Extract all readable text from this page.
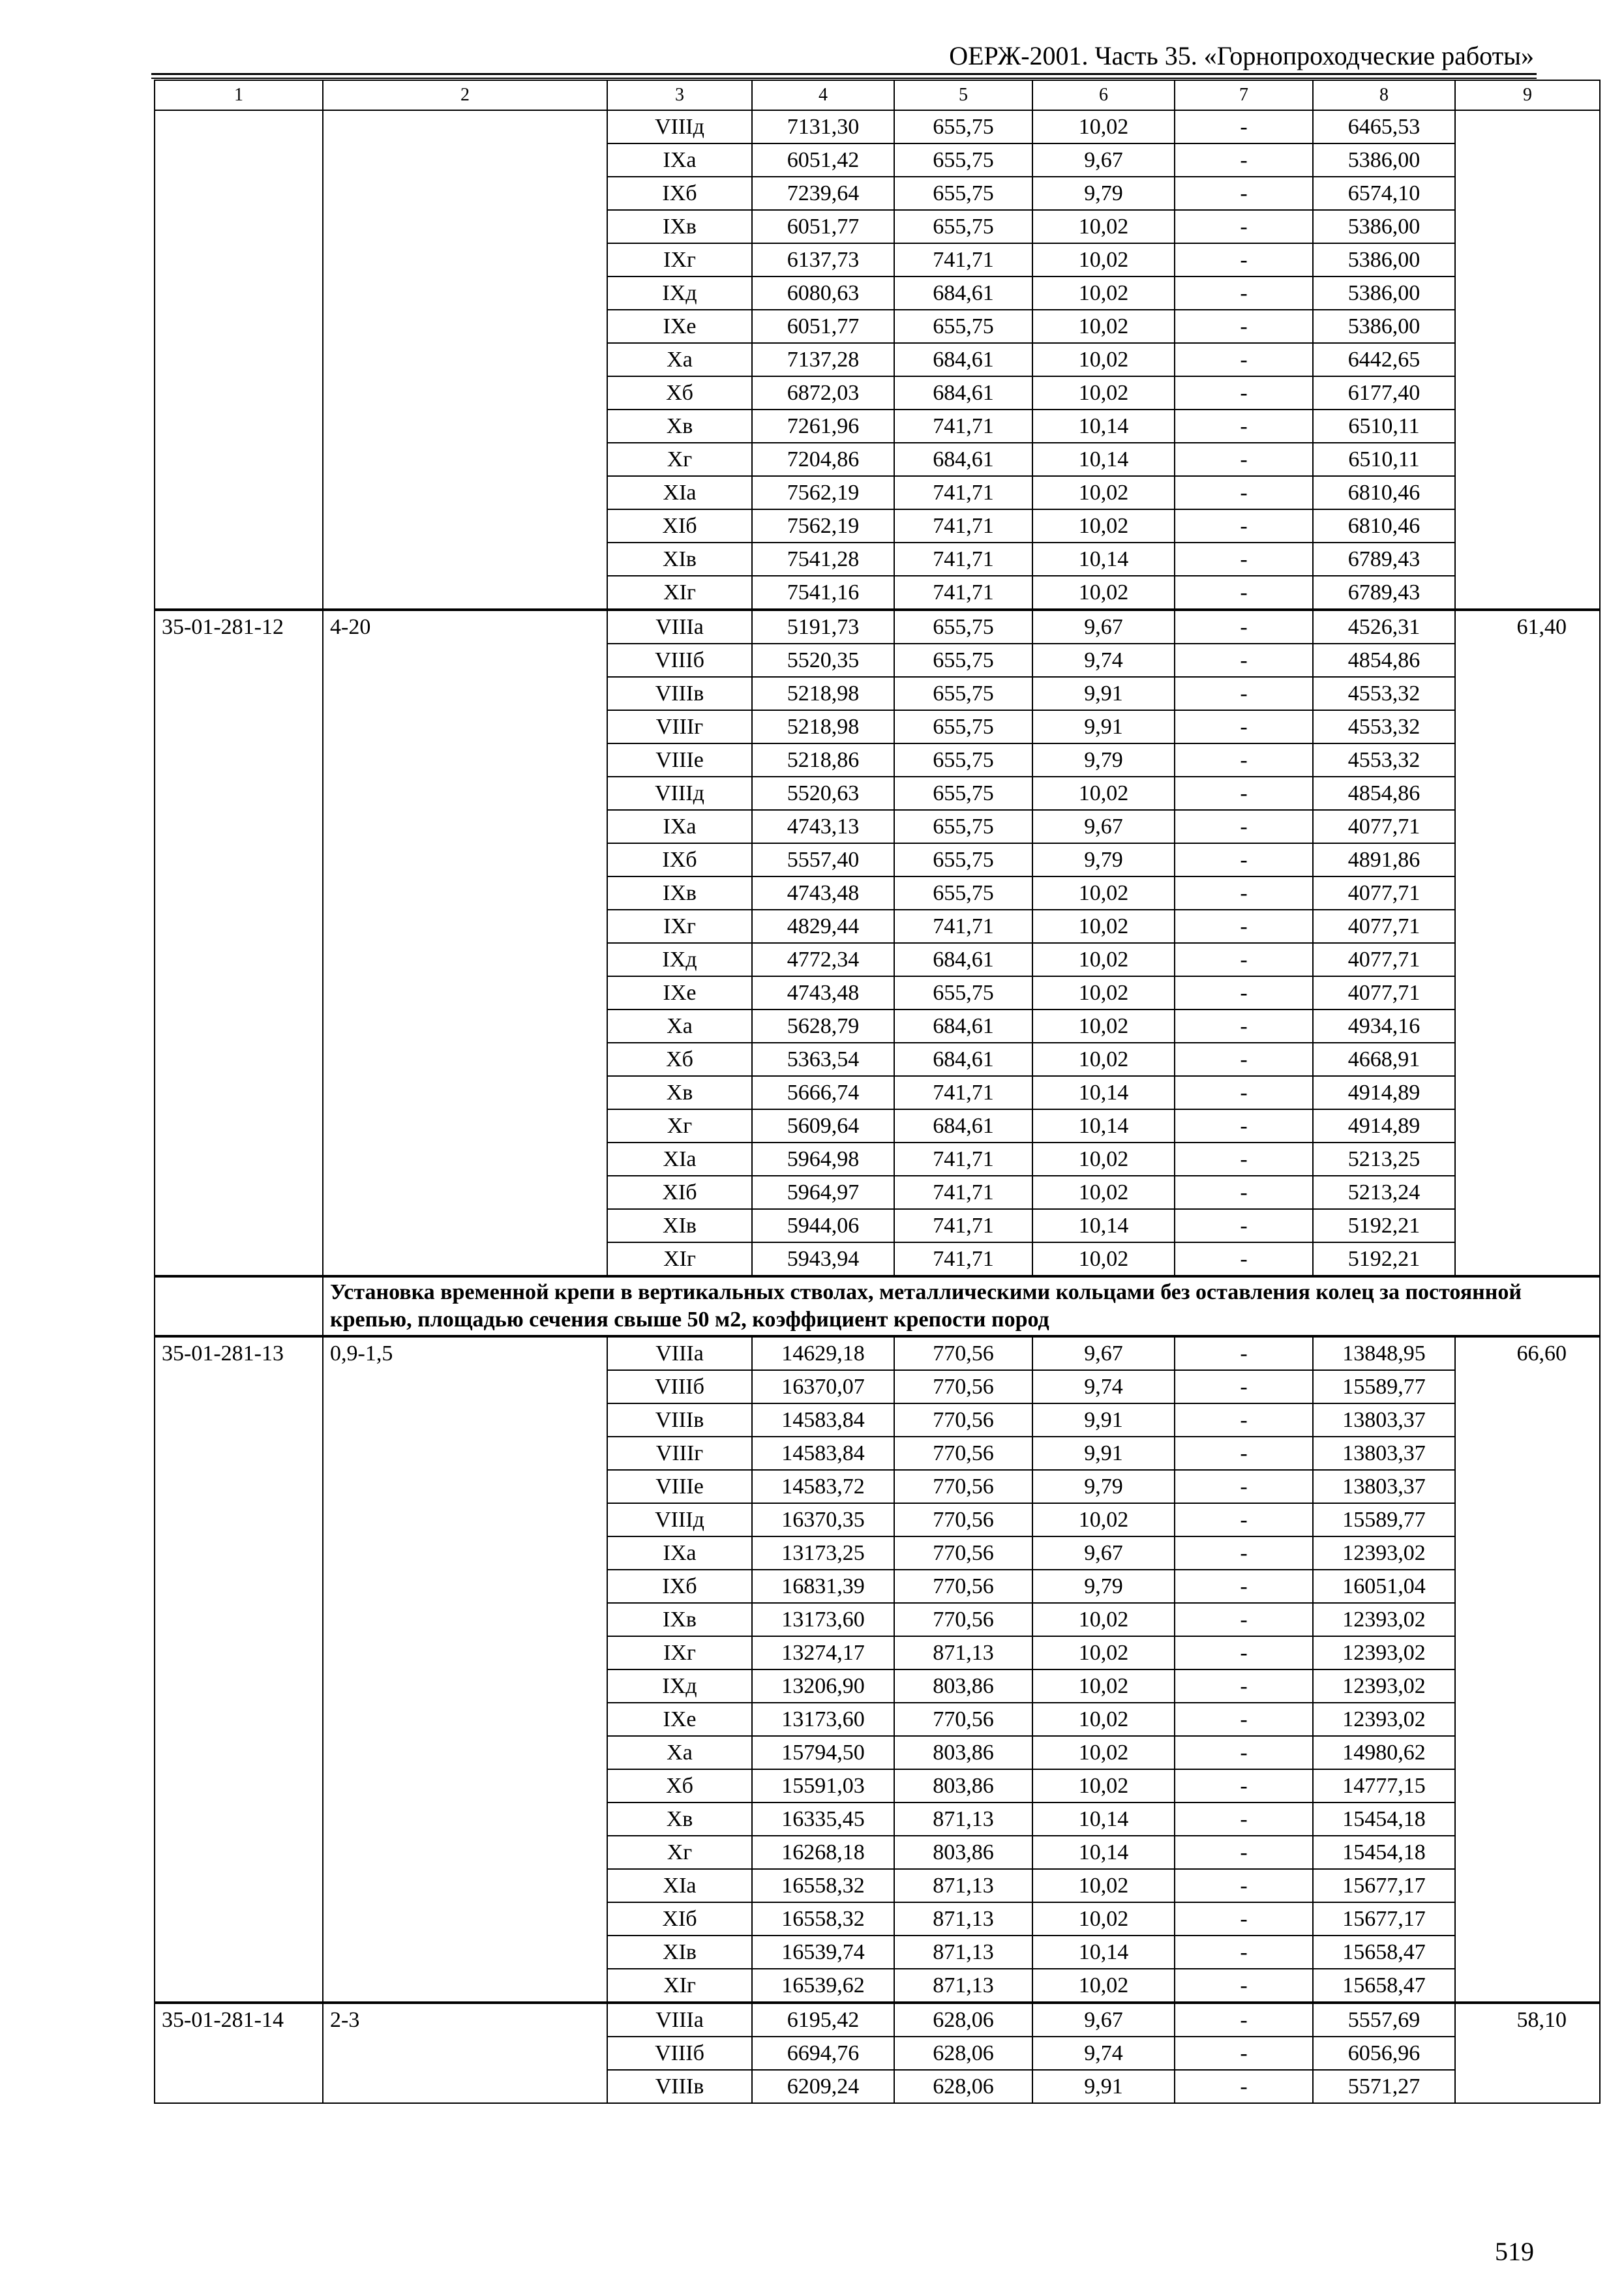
ОЕРЖ-2001. Часть 35. «Горнопроходческие работы»
1	2	3	4	5	6	7	8	9
		VIIIд	7131,30	655,75	10,02	-	6465,53	
		IXа	6051,42	655,75	9,67	-	5386,00	
		IXб	7239,64	655,75	9,79	-	6574,10	
		IXв	6051,77	655,75	10,02	-	5386,00	
		IXг	6137,73	741,71	10,02	-	5386,00	
		IXд	6080,63	684,61	10,02	-	5386,00	
		IXе	6051,77	655,75	10,02	-	5386,00	
		Xа	7137,28	684,61	10,02	-	6442,65	
		Xб	6872,03	684,61	10,02	-	6177,40	
		Xв	7261,96	741,71	10,14	-	6510,11	
		Xг	7204,86	684,61	10,14	-	6510,11	
		XIа	7562,19	741,71	10,02	-	6810,46	
		XIб	7562,19	741,71	10,02	-	6810,46	
		XIв	7541,28	741,71	10,14	-	6789,43	
		XIг	7541,16	741,71	10,02	-	6789,43	
35-01-281-12	4-20	VIIIа	5191,73	655,75	9,67	-	4526,31	61,40
		VIIIб	5520,35	655,75	9,74	-	4854,86	
		VIIIв	5218,98	655,75	9,91	-	4553,32	
		VIIIг	5218,98	655,75	9,91	-	4553,32	
		VIIIе	5218,86	655,75	9,79	-	4553,32	
		VIIIд	5520,63	655,75	10,02	-	4854,86	
		IXа	4743,13	655,75	9,67	-	4077,71	
		IXб	5557,40	655,75	9,79	-	4891,86	
		IXв	4743,48	655,75	10,02	-	4077,71	
		IXг	4829,44	741,71	10,02	-	4077,71	
		IXд	4772,34	684,61	10,02	-	4077,71	
		IXе	4743,48	655,75	10,02	-	4077,71	
		Xа	5628,79	684,61	10,02	-	4934,16	
		Xб	5363,54	684,61	10,02	-	4668,91	
		Xв	5666,74	741,71	10,14	-	4914,89	
		Xг	5609,64	684,61	10,14	-	4914,89	
		XIа	5964,98	741,71	10,02	-	5213,25	
		XIб	5964,97	741,71	10,02	-	5213,24	
		XIв	5944,06	741,71	10,14	-	5192,21	
		XIг	5943,94	741,71	10,02	-	5192,21	
	Установка временной крепи в вертикальных стволах, металлическими кольцами без оставления колец за постоянной крепью, площадью сечения свыше 50 м2, коэффициент крепости пород							
35-01-281-13	0,9-1,5	VIIIа	14629,18	770,56	9,67	-	13848,95	66,60
		VIIIб	16370,07	770,56	9,74	-	15589,77	
		VIIIв	14583,84	770,56	9,91	-	13803,37	
		VIIIг	14583,84	770,56	9,91	-	13803,37	
		VIIIе	14583,72	770,56	9,79	-	13803,37	
		VIIIд	16370,35	770,56	10,02	-	15589,77	
		IXа	13173,25	770,56	9,67	-	12393,02	
		IXб	16831,39	770,56	9,79	-	16051,04	
		IXв	13173,60	770,56	10,02	-	12393,02	
		IXг	13274,17	871,13	10,02	-	12393,02	
		IXд	13206,90	803,86	10,02	-	12393,02	
		IXе	13173,60	770,56	10,02	-	12393,02	
		Xа	15794,50	803,86	10,02	-	14980,62	
		Xб	15591,03	803,86	10,02	-	14777,15	
		Xв	16335,45	871,13	10,14	-	15454,18	
		Xг	16268,18	803,86	10,14	-	15454,18	
		XIа	16558,32	871,13	10,02	-	15677,17	
		XIб	16558,32	871,13	10,02	-	15677,17	
		XIв	16539,74	871,13	10,14	-	15658,47	
		XIг	16539,62	871,13	10,02	-	15658,47	
35-01-281-14	2-3	VIIIа	6195,42	628,06	9,67	-	5557,69	58,10
		VIIIб	6694,76	628,06	9,74	-	6056,96	
		VIIIв	6209,24	628,06	9,91	-	5571,27	
519
